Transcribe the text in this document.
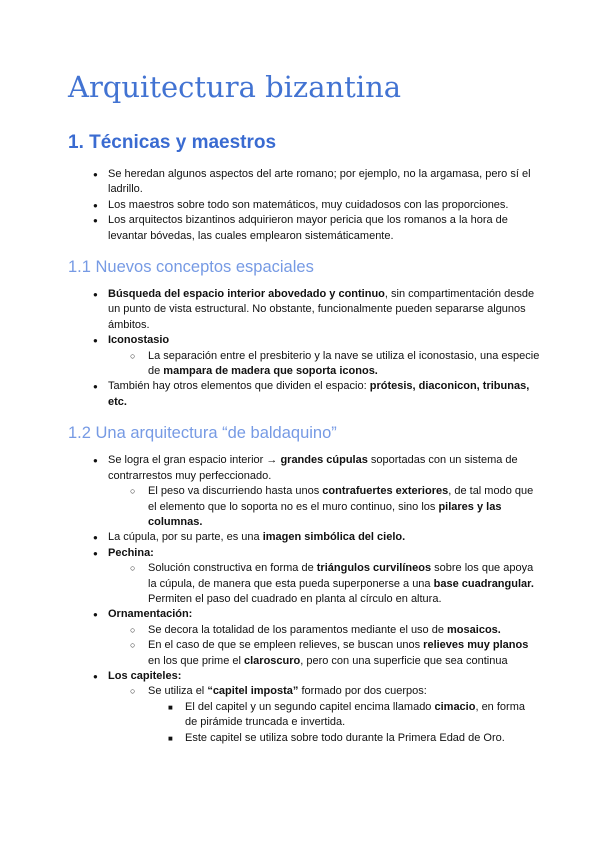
Arquitectura bizantina
1. Técnicas y maestros
● Se heredan algunos aspectos del arte romano; por ejemplo, no la argamasa, pero sí el ladrillo.
● Los maestros sobre todo son matemáticos, muy cuidadosos con las proporciones.
● Los arquitectos bizantinos adquirieron mayor pericia que los romanos a la hora de levantar bóvedas, las cuales emplearon sistemáticamente.
1.1 Nuevos conceptos espaciales
● Búsqueda del espacio interior abovedado y continuo, sin compartimentación desde un punto de vista estructural. No obstante, funcionalmente pueden separarse algunos ámbitos.
● Iconostasio
○ La separación entre el presbiterio y la nave se utiliza el iconostasio, una especie de mampara de madera que soporta iconos.
● También hay otros elementos que dividen el espacio: prótesis, diaconicon, tribunas, etc.
1.2 Una arquitectura “de baldaquino”
● Se logra el gran espacio interior → grandes cúpulas soportadas con un sistema de contrarrestos muy perfeccionado.
○ El peso va discurriendo hasta unos contrafuertes exteriores, de tal modo que el elemento que lo soporta no es el muro continuo, sino los pilares y las columnas.
● La cúpula, por su parte, es una imagen simbólica del cielo.
● Pechina:
○ Solución constructiva en forma de triángulos curvilíneos sobre los que apoya la cúpula, de manera que esta pueda superponerse a una base cuadrangular. Permiten el paso del cuadrado en planta al círculo en altura.
● Ornamentación:
○ Se decora la totalidad de los paramentos mediante el uso de mosaicos.
○ En el caso de que se empleen relieves, se buscan unos relieves muy planos en los que prime el claroscuro, pero con una superficie que sea continua
● Los capiteles:
○ Se utiliza el “capitel imposta” formado por dos cuerpos:
■ El del capitel y un segundo capitel encima llamado cimacio, en forma de pirámide truncada e invertida.
■ Este capitel se utiliza sobre todo durante la Primera Edad de Oro.
